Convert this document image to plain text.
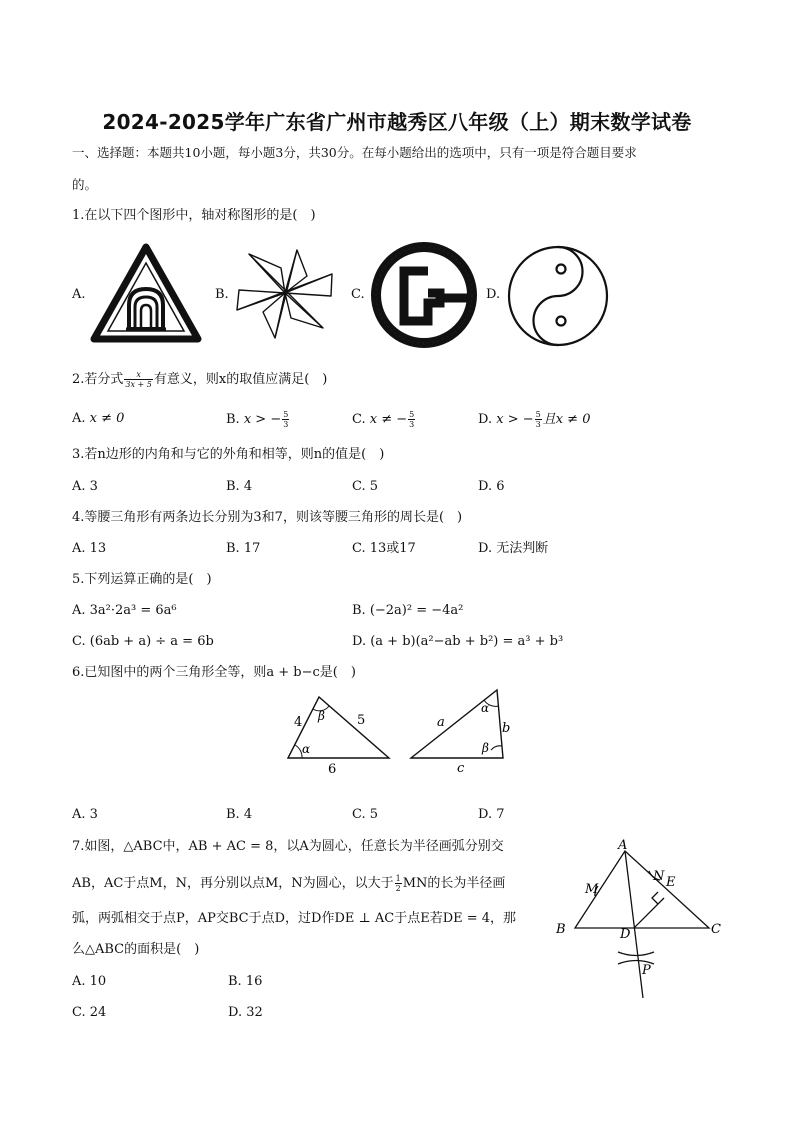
2024-2025学年广东省广州市越秀区八年级（上）期末数学试卷
一、选择题：本题共10小题，每小题3分，共30分。在每小题给出的选项中，只有一项是符合题目要求
的。
1.在以下四个图形中，轴对称图形的是(　)
A.	B.	C.	D.
2.若分式 $\frac{x}{3x + 5}$ 有意义，则x的取值应满足(　)
A. x ≠ 0	B. x > − $\frac{5}{3}$	C. x ≠ − $\frac{5}{3}$	D. x > − $\frac{5}{3}$ 且x ≠ 0
3.若n边形的内角和与它的外角和相等，则n的值是(　)
A. 3	B. 4	C. 5	D. 6
4.等腰三角形有两条边长分别为3和7，则该等腰三角形的周长是(　)
A. 13	B. 17	C. 13或17	D. 无法判断
5.下列运算正确的是(　)
A. 3a²·2a³ = 6a⁶	B. (−2a)² = −4a²
C. (6ab + a) ÷ a = 6b	D. (a + b)(a²−ab + b²) = a³ + b³
6.已知图中的两个三角形全等，则a + b−c是(　)
4	5
6
β
α
a	b
c
α
β
A. 3	B. 4	C. 5	D. 7
7.如图，△ABC中，AB + AC = 8，以A为圆心，任意长为半径画弧分别交
AB，AC于点M，N，再分别以点M，N为圆心，以大于 $\frac{1}{2}$ MN的长为半径画
弧，两弧相交于点P，AP交BC于点D，过D作DE ⊥ AC于点E若DE = 4，那
么△ABC的面积是(　)
A. 10	B. 16
C. 24	D. 32
A
B	C
D
E
M
N
P
